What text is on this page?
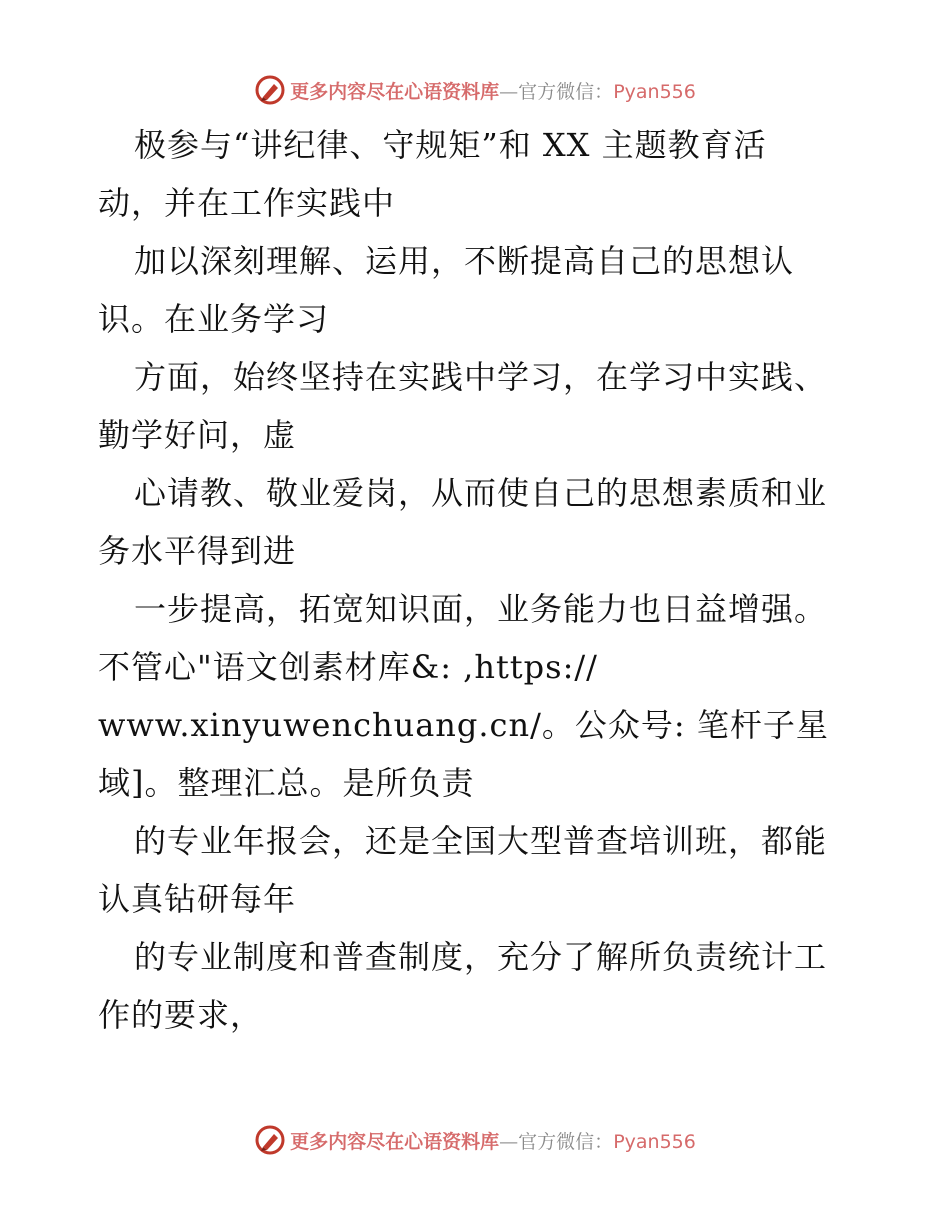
更多内容尽在心语资料库—官方微信：Pyan556
极参与“讲纪律、守规矩”和 XX 主题教育活
动，并在工作实践中
加以深刻理解、运用，不断提高自己的思想认
识。在业务学习
方面，始终坚持在实践中学习，在学习中实践、
勤学好问，虚
心请教、敬业爱岗，从而使自己的思想素质和业
务水平得到进
一步提高，拓宽知识面，业务能力也日益增强。
不管心"语文创素材库&: ,https://
www.xinyuwenchuang.cn/。公众号: 笔杆子星
域]。整理汇总。是所负责
的专业年报会，还是全国大型普查培训班，都能
认真钻研每年
的专业制度和普查制度，充分了解所负责统计工
作的要求，
更多内容尽在心语资料库—官方微信：Pyan556
